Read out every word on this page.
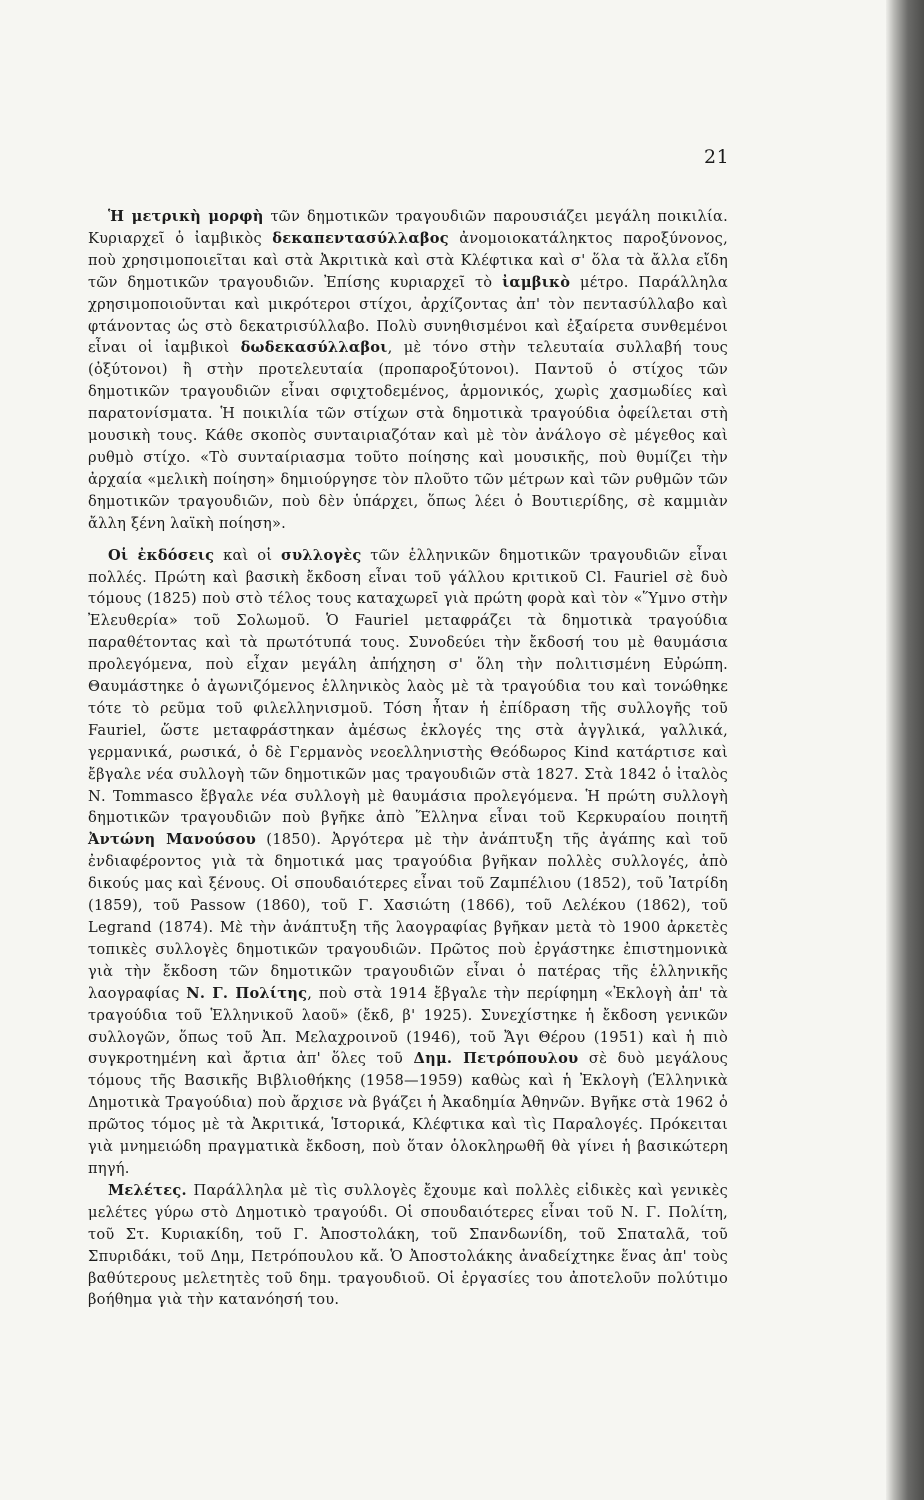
21

Ἡ μετρικὴ μορφὴ τῶν δημοτικῶν τραγουδιῶν παρουσιάζει μεγάλη ποικιλία. Κυριαρχεῖ ὁ ἰαμβικὸς δεκαπεντασύλλαβος ἀνομοιοκατάληκτος παροξύνονος, ποὺ χρησιμοποιεῖται καὶ στὰ Ἀκριτικὰ καὶ στὰ Κλέφτικα καὶ σ' ὅλα τὰ ἄλλα εἴδη τῶν δημοτικῶν τραγουδιῶν. Ἐπίσης κυριαρχεῖ τὸ ἰαμβικὸ μέτρο. Παράλληλα χρησιμοποιοῦνται καὶ μικρότεροι στίχοι, ἀρχίζοντας ἀπ' τὸν πεντασύλλαβο καὶ φτάνοντας ὡς στὸ δεκατρισύλλαβο. Πολὺ συνηθισμένοι καὶ ἐξαίρετα συνθεμένοι εἶναι οἱ ἰαμβικοὶ δωδεκασύλλαβοι, μὲ τόνο στὴν τελευταία συλλαβή τους (ὀξύτονοι) ἢ στὴν προτελευταία (προπαροξύτονοι). Παντοῦ ὁ στίχος τῶν δημοτικῶν τραγουδιῶν εἶναι σφιχτοδεμένος, ἁρμονικός, χωρὶς χασμωδίες καὶ παρατονίσματα. Ἡ ποικιλία τῶν στίχων στὰ δημοτικὰ τραγούδια ὀφείλεται στὴ μουσικὴ τους. Κάθε σκοπὸς συνταιριαζόταν καὶ μὲ τὸν ἀνάλογο σὲ μέγεθος καὶ ρυθμὸ στίχο. «Τὸ συνταίριασμα τοῦτο ποίησης καὶ μουσικῆς, ποὺ θυμίζει τὴν ἀρχαία «μελικὴ ποίηση» δημιούργησε τὸν πλοῦτο τῶν μέτρων καὶ τῶν ρυθμῶν τῶν δημοτικῶν τραγουδιῶν, ποὺ δὲν ὑπάρχει, ὅπως λέει ὁ Βουτιερίδης, σὲ καμμιὰν ἄλλη ξένη λαϊκὴ ποίηση».

Οἱ ἐκδόσεις καὶ οἱ συλλογὲς τῶν ἑλληνικῶν δημοτικῶν τραγουδιῶν εἶναι πολλές. Πρώτη καὶ βασικὴ ἔκδοση εἶναι τοῦ γάλλου κριτικοῦ Cl. Fauriel σὲ δυὸ τόμους (1825) ποὺ στὸ τέλος τους καταχωρεῖ γιὰ πρώτη φορὰ καὶ τὸν «Ὕμνο στὴν Ἐλευθερία» τοῦ Σολωμοῦ. Ὁ Fauriel μεταφράζει τὰ δημοτικὰ τραγούδια παραθέτοντας καὶ τὰ πρωτότυπά τους. Συνοδεύει τὴν ἔκδοσή του μὲ θαυμάσια προλεγόμενα, ποὺ εἶχαν μεγάλη ἀπήχηση σ' ὅλη τὴν πολιτισμένη Εὐρώπη. Θαυμάστηκε ὁ ἀγωνιζόμενος ἑλληνικὸς λαὸς μὲ τὰ τραγούδια του καὶ τονώθηκε τότε τὸ ρεῦμα τοῦ φιλελληνισμοῦ. Τόση ἦταν ἡ ἐπίδραση τῆς συλλογῆς τοῦ Fauriel, ὥστε μεταφράστηκαν ἀμέσως ἐκλογές της στὰ ἀγγλικά, γαλλικά, γερμανικά, ρωσικά, ὁ δὲ Γερμανὸς νεοελληνιστὴς Θεόδωρος Kind κατάρτισε καὶ ἔβγαλε νέα συλλογὴ τῶν δημοτικῶν μας τραγουδιῶν στὰ 1827. Στὰ 1842 ὁ ἰταλὸς Ν. Tommasco ἔβγαλε νέα συλλογὴ μὲ θαυμάσια προλεγόμενα. Ἡ πρώτη συλλογὴ δημοτικῶν τραγουδιῶν ποὺ βγῆκε ἀπὸ Ἕλληνα εἶναι τοῦ Κερκυραίου ποιητῆ Ἀντώνη Μανούσου (1850). Ἀργότερα μὲ τὴν ἀνάπτυξη τῆς ἀγάπης καὶ τοῦ ἐνδιαφέροντος γιὰ τὰ δημοτικά μας τραγούδια βγῆκαν πολλὲς συλλογές, ἀπὸ δικούς μας καὶ ξένους. Οἱ σπουδαιότερες εἶναι τοῦ Ζαμπέλιου (1852), τοῦ Ἰατρίδη (1859), τοῦ Passow (1860), τοῦ Γ. Χασιώτη (1866), τοῦ Λελέκου (1862), τοῦ Legrand (1874). Μὲ τὴν ἀνάπτυξη τῆς λαογραφίας βγῆκαν μετὰ τὸ 1900 ἀρκετὲς τοπικὲς συλλογὲς δημοτικῶν τραγουδιῶν. Πρῶτος ποὺ ἐργάστηκε ἐπιστημονικὰ γιὰ τὴν ἔκδοση τῶν δημοτικῶν τραγουδιῶν εἶναι ὁ πατέρας τῆς ἑλληνικῆς λαογραφίας Ν. Γ. Πολίτης, ποὺ στὰ 1914 ἔβγαλε τὴν περίφημη «Ἐκλογὴ ἀπ' τὰ τραγούδια τοῦ Ἑλληνικοῦ λαοῦ» (ἔκδ, β' 1925). Συνεχίστηκε ἡ ἔκδοση γενικῶν συλλογῶν, ὅπως τοῦ Ἀπ. Μελαχροινοῦ (1946), τοῦ Ἄγι Θέρου (1951) καὶ ἡ πιὸ συγκροτημένη καὶ ἄρτια ἀπ' ὅλες τοῦ Δημ. Πετρόπουλου σὲ δυὸ μεγάλους τόμους τῆς Βασικῆς Βιβλιοθήκης (1958—1959) καθὼς καὶ ἡ Ἐκλογὴ (Ἑλληνικὰ Δημοτικὰ Τραγούδια) ποὺ ἄρχισε νὰ βγάζει ἡ Ἀκαδημία Ἀθηνῶν. Βγῆκε στὰ 1962 ὁ πρῶτος τόμος μὲ τὰ Ἀκριτικά, Ἱστορικά, Κλέφτικα καὶ τὶς Παραλογές. Πρόκειται γιὰ μνημειώδη πραγματικὰ ἔκδοση, ποὺ ὅταν ὁλοκληρωθῆ θὰ γίνει ἡ βασικώτερη πηγή.

Μελέτες. Παράλληλα μὲ τὶς συλλογὲς ἔχουμε καὶ πολλὲς εἰδικὲς καὶ γενικὲς μελέτες γύρω στὸ Δημοτικὸ τραγούδι. Οἱ σπουδαιότερες εἶναι τοῦ Ν. Γ. Πολίτη, τοῦ Στ. Κυριακίδη, τοῦ Γ. Ἀποστολάκη, τοῦ Σπανδωνίδη, τοῦ Σπαταλᾶ, τοῦ Σπυριδάκι, τοῦ Δημ, Πετρόπουλου κἄ. Ὁ Ἀποστολάκης ἀναδείχτηκε ἕνας ἀπ' τοὺς βαθύτερους μελετητὲς τοῦ δημ. τραγουδιοῦ. Οἱ ἐργασίες του ἀποτελοῦν πολύτιμο βοήθημα γιὰ τὴν κατανόησή του.
